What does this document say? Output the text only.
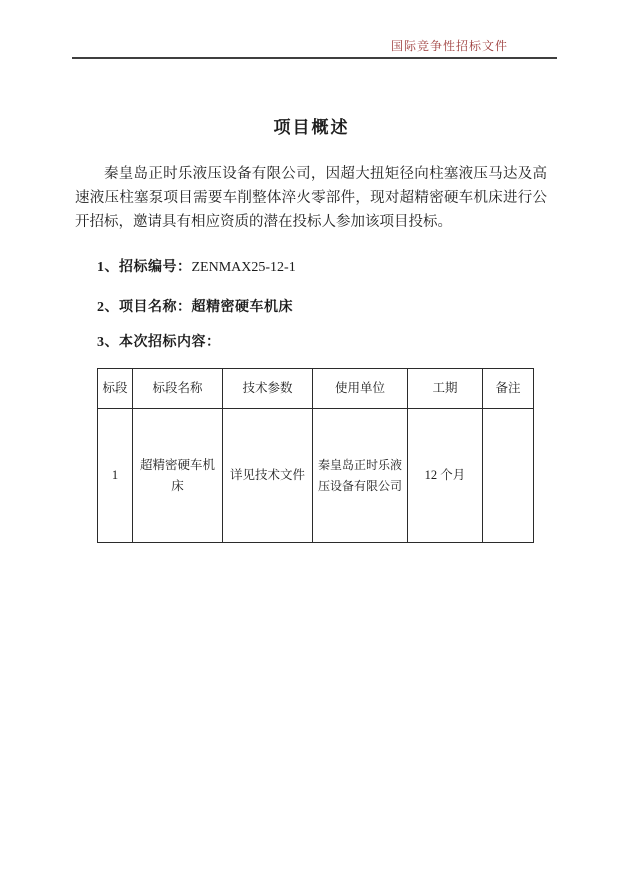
国际竞争性招标文件
项目概述

秦皇岛正时乐液压设备有限公司，因超大扭矩径向柱塞液压马达及高速液压柱塞泵项目需要车削整体淬火零部件，现对超精密硬车机床进行公开招标，邀请具有相应资质的潜在投标人参加该项目投标。

1、招标编号：ZENMAX25-12-1
2、项目名称：超精密硬车机床
3、本次招标内容：
标段	标段名称	技术参数	使用单位	工期	备注
1	超精密硬车机床	详见技术文件	秦皇岛正时乐液压设备有限公司	12 个月	
